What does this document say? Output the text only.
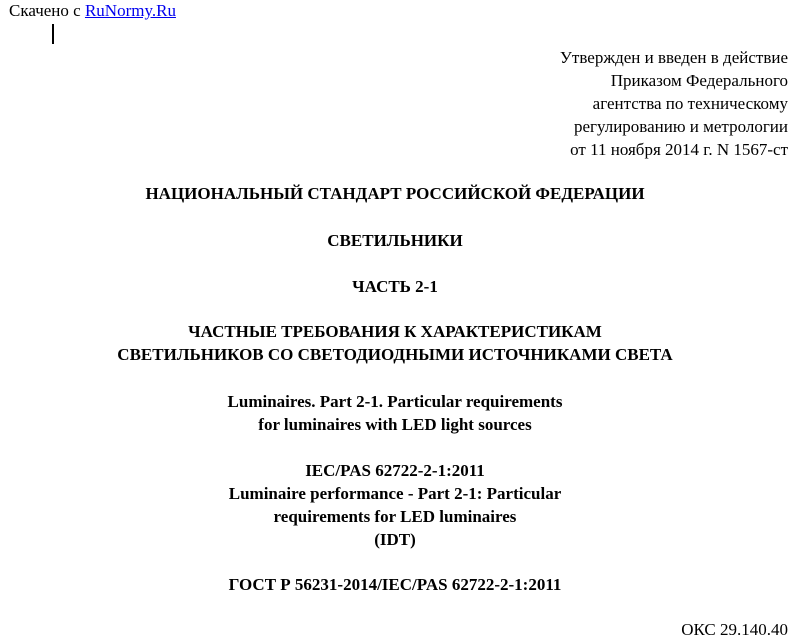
Скачено с RuNormy.Ru
Утвержден и введен в действие
Приказом Федерального
агентства по техническому
регулированию и метрологии
от 11 ноября 2014 г. N 1567-ст
НАЦИОНАЛЬНЫЙ СТАНДАРТ РОССИЙСКОЙ ФЕДЕРАЦИИ
СВЕТИЛЬНИКИ
ЧАСТЬ 2-1
ЧАСТНЫЕ ТРЕБОВАНИЯ К ХАРАКТЕРИСТИКАМ
СВЕТИЛЬНИКОВ СО СВЕТОДИОДНЫМИ ИСТОЧНИКАМИ СВЕТА
Luminaires. Part 2-1. Particular requirements
for luminaires with LED light sources
IEC/PAS 62722-2-1:2011
Luminaire performance - Part 2-1: Particular
requirements for LED luminaires
(IDT)
ГОСТ Р 56231-2014/IEC/PAS 62722-2-1:2011
ОКС 29.140.40
